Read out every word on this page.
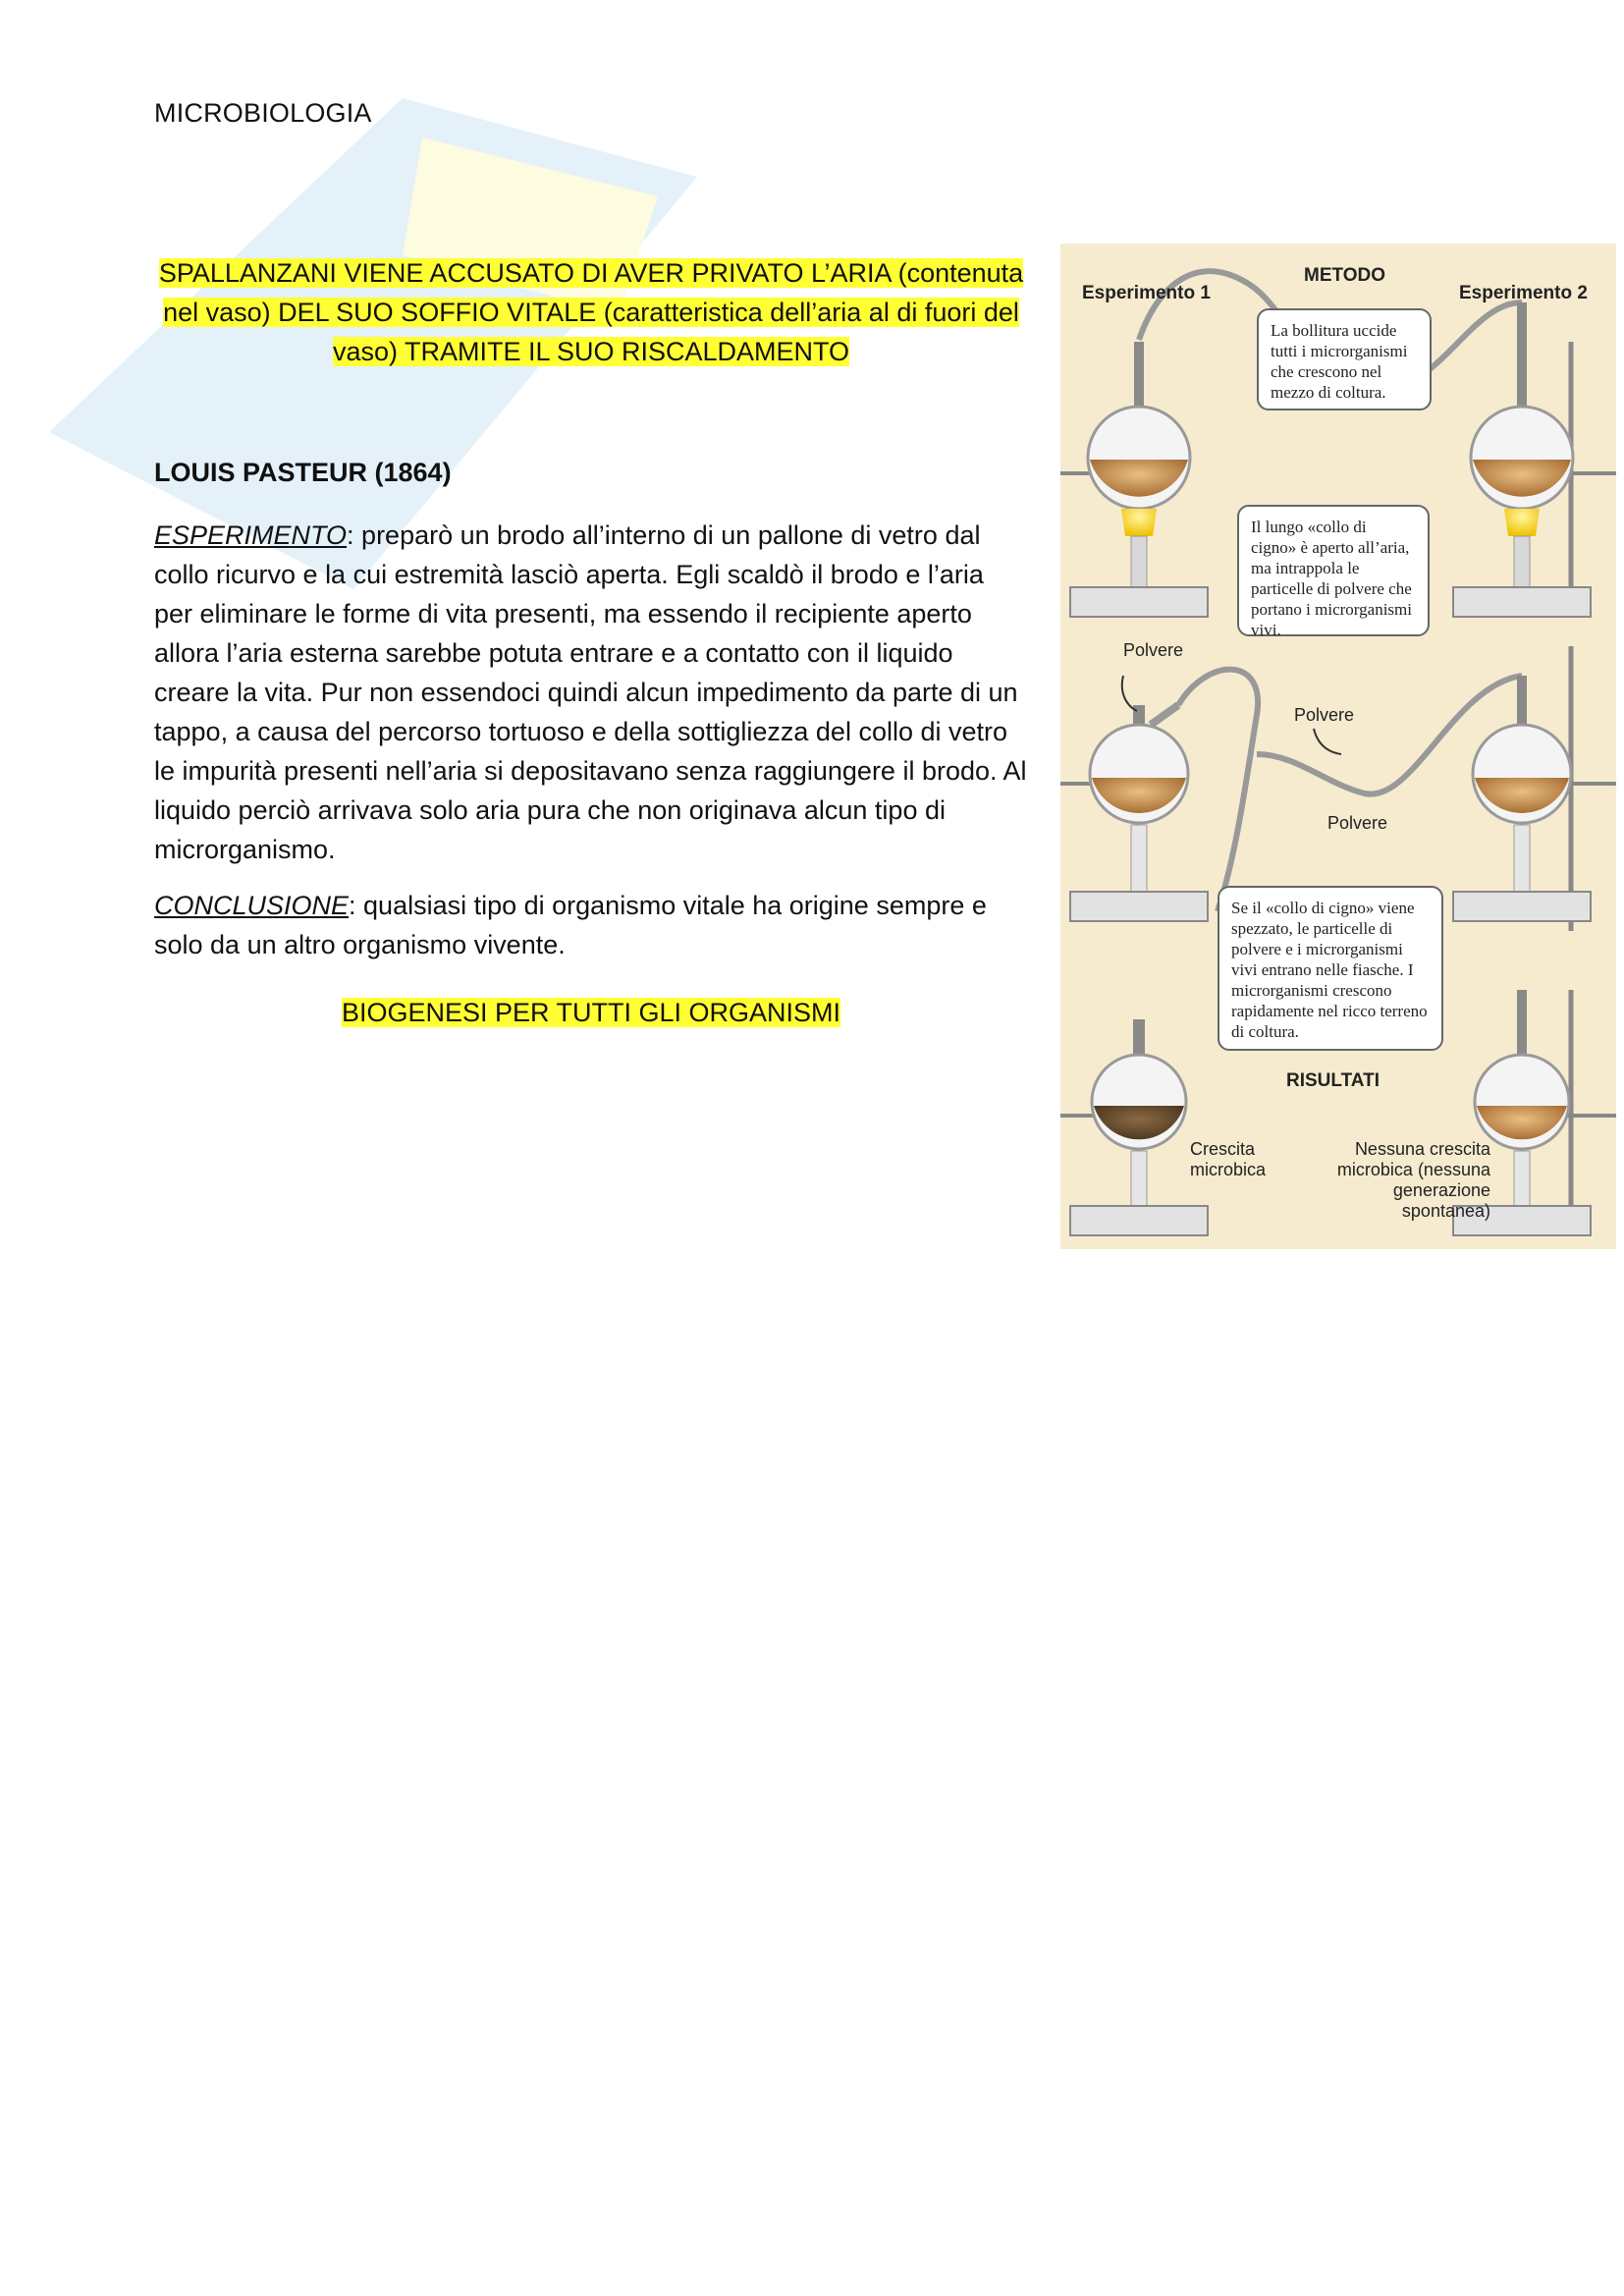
MICROBIOLOGIA
SPALLANZANI VIENE ACCUSATO DI AVER PRIVATO L’ARIA (contenuta nel vaso) DEL SUO SOFFIO VITALE (caratteristica dell’aria al di fuori del vaso) TRAMITE IL SUO RISCALDAMENTO
LOUIS PASTEUR (1864)
ESPERIMENTO: preparò un brodo all’interno di un pallone di vetro dal collo ricurvo e la cui estremità lasciò aperta. Egli scaldò il brodo e l’aria per eliminare le forme di vita presenti, ma essendo il recipiente aperto allora l’aria esterna sarebbe potuta entrare e a contatto con il liquido creare la vita. Pur non essendoci quindi alcun impedimento da parte di un tappo, a causa del percorso tortuoso e della sottigliezza del collo di vetro le impurità presenti nell’aria si depositavano senza raggiungere il brodo. Al liquido perciò arrivava solo aria pura che non originava alcun tipo di microrganismo.
CONCLUSIONE: qualsiasi tipo di organismo vitale ha origine sempre e solo da un altro organismo vivente.
BIOGENESI PER TUTTI GLI ORGANISMI
METODO
Esperimento 1	Esperimento 2
La bollitura uccide tutti i microrganismi che crescono nel mezzo di coltura.
Il lungo «collo di cigno» è aperto all’aria, ma intrappola le particelle di polvere che portano i microrganismi vivi.
Polvere
Polvere
Polvere
Se il «collo di cigno» viene spezzato, le particelle di polvere e i microrganismi vivi entrano nelle fiasche. I microrganismi crescono rapidamente nel ricco terreno di coltura.
RISULTATI
Crescita microbica
Nessuna crescita microbica (nessuna generazione spontanea)
